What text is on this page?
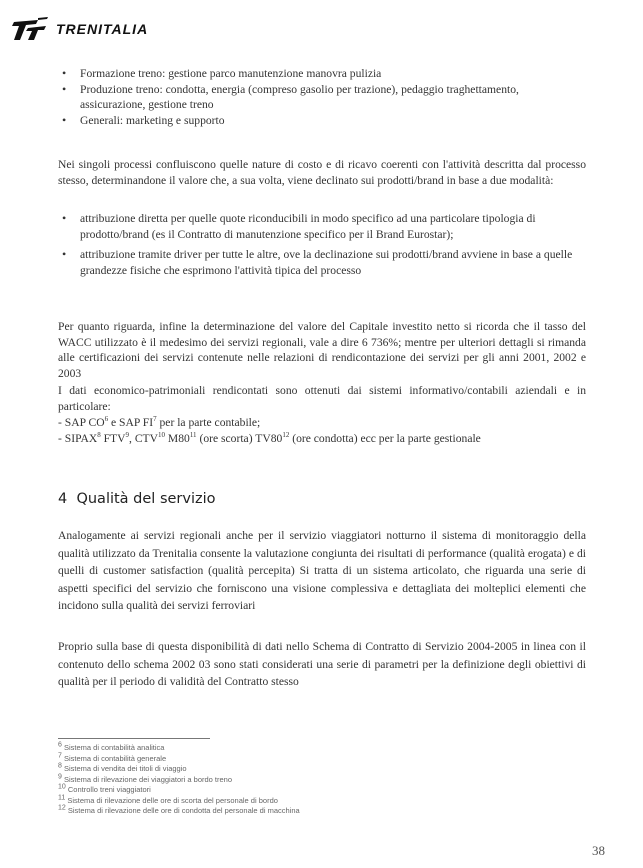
TRENITALIA
• Formazione treno: gestione parco manutenzione manovra pulizia
• Produzione treno: condotta, energia (compreso gasolio per trazione), pedaggio traghettamento, assicurazione, gestione treno
• Generali: marketing e supporto

Nei singoli processi confluiscono quelle nature di costo e di ricavo coerenti con l'attività descritta dal processo stesso, determinandone il valore che, a sua volta, viene declinato sui prodotti/brand in base a due modalità:

• attribuzione diretta per quelle quote riconducibili in modo specifico ad una particolare tipologia di prodotto/brand (es il Contratto di manutenzione specifico per il Brand Eurostar);
• attribuzione tramite driver per tutte le altre, ove la declinazione sui prodotti/brand avviene in base a quelle grandezze fisiche che esprimono l'attività tipica del processo

Per quanto riguarda, infine la determinazione del valore del Capitale investito netto si ricorda che il tasso del WACC utilizzato è il medesimo dei servizi regionali, vale a dire 6 736%; mentre per ulteriori dettagli si rimanda alle certificazioni dei servizi contenute nelle relazioni di rendicontazione dei servizi per gli anni 2001, 2002 e 2003

I dati economico-patrimoniali rendicontati sono ottenuti dai sistemi informativo/contabili aziendali e in particolare:

- SAP $CO^6$ e SAP $FI^7$ per la parte contabile;
- SIPAX$^8$ FTV$^9$, CTV$^{10}$ $M80^{11}$ (ore scorta) $TV80^{12}$ (ore condotta) ecc per la parte gestionale
4 Qualità del servizio

Analogamente ai servizi regionali anche per il servizio viaggiatori notturno il sistema di monitoraggio della qualità utilizzato da Trenitalia consente la valutazione congiunta dei risultati di performance (qualità erogata) e di quelli di customer satisfaction (qualità percepita) Si tratta di un sistema articolato, che riguarda una serie di aspetti specifici del servizio che forniscono una visione complessiva e dettagliata dei molteplici elementi che incidono sulla qualità dei servizi ferroviari

Proprio sulla base di questa disponibilità di dati nello Schema di Contratto di Servizio 2004-2005 in linea con il contenuto dello schema 2002 03 sono stati considerati una serie di parametri per la definizione degli obiettivi di qualità per il periodo di validità del Contratto stesso

$^6$ Sistema di contabilità analitica
$^7$ Sistema di contabilità generale
$^8$ Sistema di vendita dei titoli di viaggio
$^9$ Sistema di rilevazione dei viaggiatori a bordo treno
$^{10}$ Controllo treni viaggiatori
$^{11}$ Sistema di rilevazione delle ore di scorta del personale di bordo
$^{12}$ Sistema di rilevazione delle ore di condotta del personale di macchina
38
